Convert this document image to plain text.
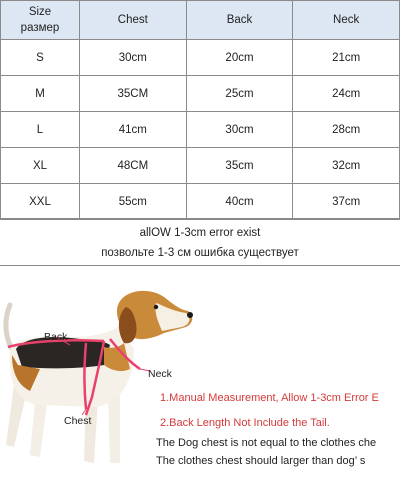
Size
размер	Chest	Back	Neck
S	30cm	20cm	21cm
M	35CM	25cm	24cm
L	41cm	30cm	28cm
XL	48CM	35cm	32cm
XXL	55cm	40cm	37cm
allOW 1-3cm error exist
позвольте 1-3 см ошибка существует
Back
Neck
Chest
1.Manual Measurement, Allow 1-3cm Error E
2.Back Length Not Include the Tail.
The Dog chest is not equal to the clothes che
The clothes chest should larger than dog’ s
